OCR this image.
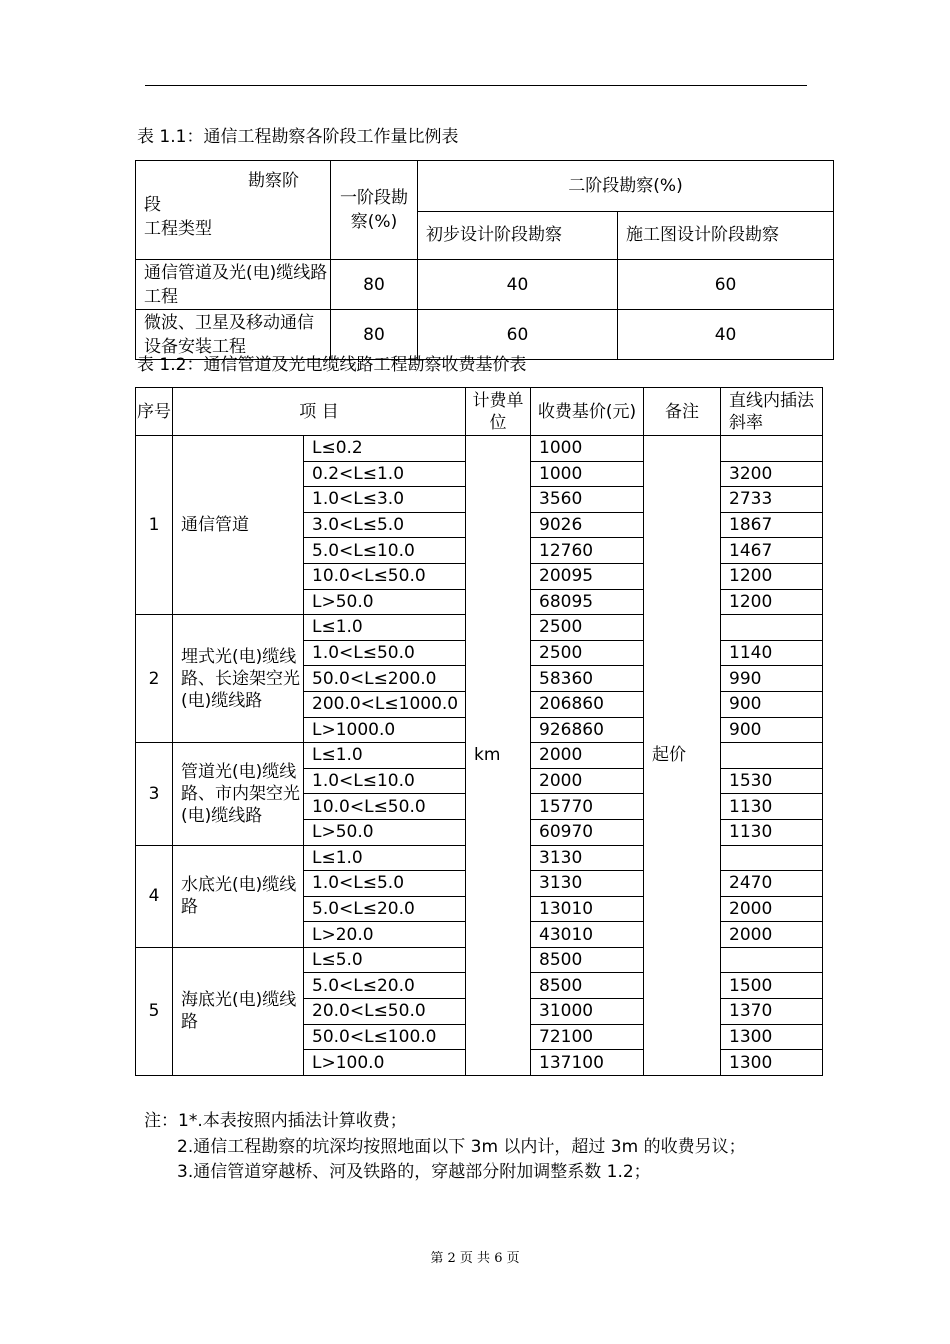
表 1.1：通信工程勘察各阶段工作量比例表
勘察阶
段
工程类型	一阶段勘察(%)	二阶段勘察(%)	
		初步设计阶段勘察	施工图设计阶段勘察
通信管道及光(电)缆线路工程	80	40	60
微波、卫星及移动通信设备安装工程	80	60	40
表 1.2：通信管道及光电缆线路工程勘察收费基价表
序号	项 目		计费单位	收费基价(元)	备注	直线内插法斜率
1	通信管道	L≤0.2	km	1000	起价	
		0.2<L≤1.0		1000		3200
		1.0<L≤3.0		3560		2733
		3.0<L≤5.0		9026		1867
		5.0<L≤10.0		12760		1467
		10.0<L≤50.0		20095		1200
		L>50.0		68095		1200
2	埋式光(电)缆线路、长途架空光(电)缆线路	L≤1.0		2500		
		1.0<L≤50.0		2500		1140
		50.0<L≤200.0		58360		990
		200.0<L≤1000.0		206860		900
		L>1000.0		926860		900
3	管道光(电)缆线路、市内架空光(电)缆线路	L≤1.0		2000		
		1.0<L≤10.0		2000		1530
		10.0<L≤50.0		15770		1130
		L>50.0		60970		1130
4	水底光(电)缆线路	L≤1.0		3130		
		1.0<L≤5.0		3130		2470
		5.0<L≤20.0		13010		2000
		L>20.0		43010		2000
5	海底光(电)缆线路	L≤5.0		8500		
		5.0<L≤20.0		8500		1500
		20.0<L≤50.0		31000		1370
		50.0<L≤100.0		72100		1300
		L>100.0		137100		1300
注：1*.本表按照内插法计算收费；
2.通信工程勘察的坑深均按照地面以下 3m 以内计，超过 3m 的收费另议；
3.通信管道穿越桥、河及铁路的，穿越部分附加调整系数 1.2；
第 2 页 共 6 页
